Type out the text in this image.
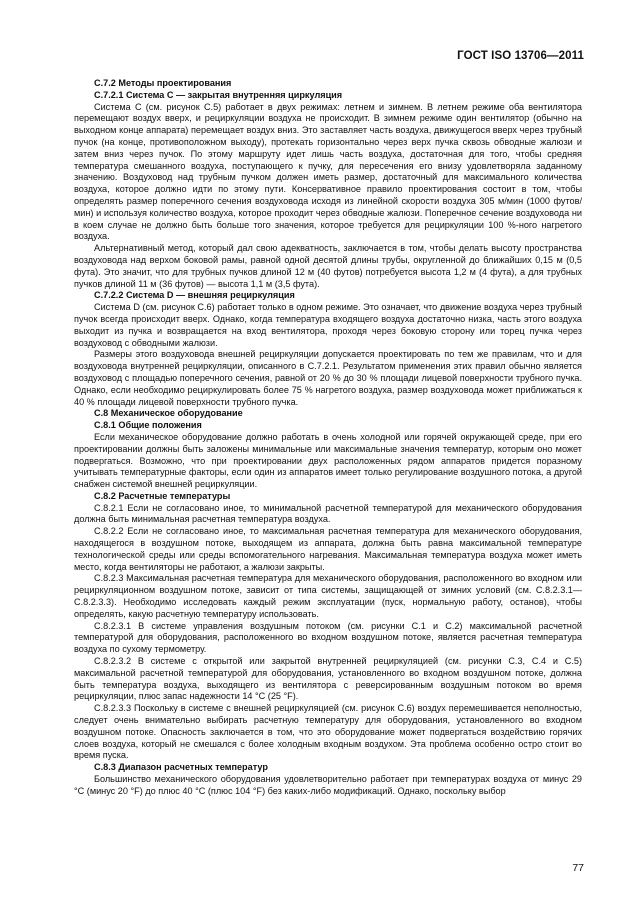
ГОСТ ISO 13706—2011

С.7.2 Методы проектирования

С.7.2.1 Система С — закрытая внутренняя циркуляция

Система С (см. рисунок С.5) работает в двух режимах: летнем и зимнем. В летнем режиме оба вентилятора перемещают воздух вверх, и рециркуляции воздуха не происходит. В зимнем режиме один вентилятор (обычно на выходном конце аппарата) перемещает воздух вниз. Это заставляет часть воздуха, движущегося вверх через трубный пучок (на конце, противоположном выходу), протекать горизонтально через верх пучка сквозь обводные жалюзи и затем вниз через пучок. По этому маршруту идет лишь часть воздуха, достаточная для того, чтобы средняя температура смешанного воздуха, поступающего к пучку, для пересечения его внизу удовлетворяла заданному значению. Воздуховод над трубным пучком должен иметь размер, достаточный для максимального количества воздуха, которое должно идти по этому пути. Консервативное правило проектирования состоит в том, чтобы определять размер поперечного сечения воздуховода исходя из линейной скорости воздуха 305 м/мин (1000 футов/мин) и используя количество воздуха, которое проходит через обводные жалюзи. Поперечное сечение воздуховода ни в коем случае не должно быть больше того значения, которое требуется для рециркуляции 100 %-ного нагретого воздуха.

Альтернативный метод, который дал свою адекватность, заключается в том, чтобы делать высоту пространства воздуховода над верхом боковой рамы, равной одной десятой длины трубы, округленной до ближайших 0,15 м (0,5 фута). Это значит, что для трубных пучков длиной 12 м (40 футов) потребуется высота 1,2 м (4 фута), а для трубных пучков длиной 11 м (36 футов) — высота 1,1 м (3,5 фута).

С.7.2.2 Система D — внешняя рециркуляция

Система D (см. рисунок С.6) работает только в одном режиме. Это означает, что движение воздуха через трубный пучок всегда происходит вверх. Однако, когда температура входящего воздуха достаточно низка, часть этого воздуха выходит из пучка и возвращается на вход вентилятора, проходя через боковую сторону или торец пучка через воздуховод с обводными жалюзи.

Размеры этого воздуховода внешней рециркуляции допускается проектировать по тем же правилам, что и для воздуховода внутренней рециркуляции, описанного в С.7.2.1. Результатом применения этих правил обычно является воздуховод с площадью поперечного сечения, равной от 20 % до 30 % площади лицевой поверхности трубного пучка. Однако, если необходимо рециркулировать более 75 % нагретого воздуха, размер воздуховода может приближаться к 40 % площади лицевой поверхности трубного пучка.

С.8 Механическое оборудование

С.8.1 Общие положения

Если механическое оборудование должно работать в очень холодной или горячей окружающей среде, при его проектировании должны быть заложены минимальные или максимальные значения температур, которым оно может подвергаться. Возможно, что при проектировании двух расположенных рядом аппаратов придется поразному учитывать температурные факторы, если один из аппаратов имеет только регулирование воздушного потока, а другой снабжен системой внешней рециркуляции.

С.8.2 Расчетные температуры

С.8.2.1 Если не согласовано иное, то минимальной расчетной температурой для механического оборудования должна быть минимальная расчетная температура воздуха.

С.8.2.2 Если не согласовано иное, то максимальная расчетная температура для механического оборудования, находящегося в воздушном потоке, выходящем из аппарата, должна быть равна максимальной температуре технологической среды или среды вспомогательного нагревания. Максимальная температура воздуха может иметь место, когда вентиляторы не работают, а жалюзи закрыты.

С.8.2.3 Максимальная расчетная температура для механического оборудования, расположенного во входном или рециркуляционном воздушном потоке, зависит от типа системы, защищающей от зимних условий (см. С.8.2.3.1—С.8.2.3.3). Необходимо исследовать каждый режим эксплуатации (пуск, нормальную работу, останов), чтобы определять, какую расчетную температуру использовать.

С.8.2.3.1 В системе управления воздушным потоком (см. рисунки С.1 и С.2) максимальной расчетной температурой для оборудования, расположенного во входном воздушном потоке, является расчетная температура воздуха по сухому термометру.

С.8.2.3.2 В системе с открытой или закрытой внутренней рециркуляцией (см. рисунки С.3, С.4 и С.5) максимальной расчетной температурой для оборудования, установленного во входном воздушном потоке, должна быть температура воздуха, выходящего из вентилятора с реверсированным воздушным потоком во время рециркуляции, плюс запас надежности 14 °С (25 °F).

С.8.2.3.3 Поскольку в системе с внешней рециркуляцией (см. рисунок С.6) воздух перемешивается неполностью, следует очень внимательно выбирать расчетную температуру для оборудования, установленного во входном воздушном потоке. Опасность заключается в том, что это оборудование может подвергаться воздействию горячих слоев воздуха, который не смешался с более холодным входным воздухом. Эта проблема особенно остро стоит во время пуска.

С.8.3 Диапазон расчетных температур

Большинство механического оборудования удовлетворительно работает при температурах воздуха от минус 29 °С (минус 20 °F) до плюс 40 °С (плюс 104 °F) без каких-либо модификаций. Однако, поскольку выбор

77
